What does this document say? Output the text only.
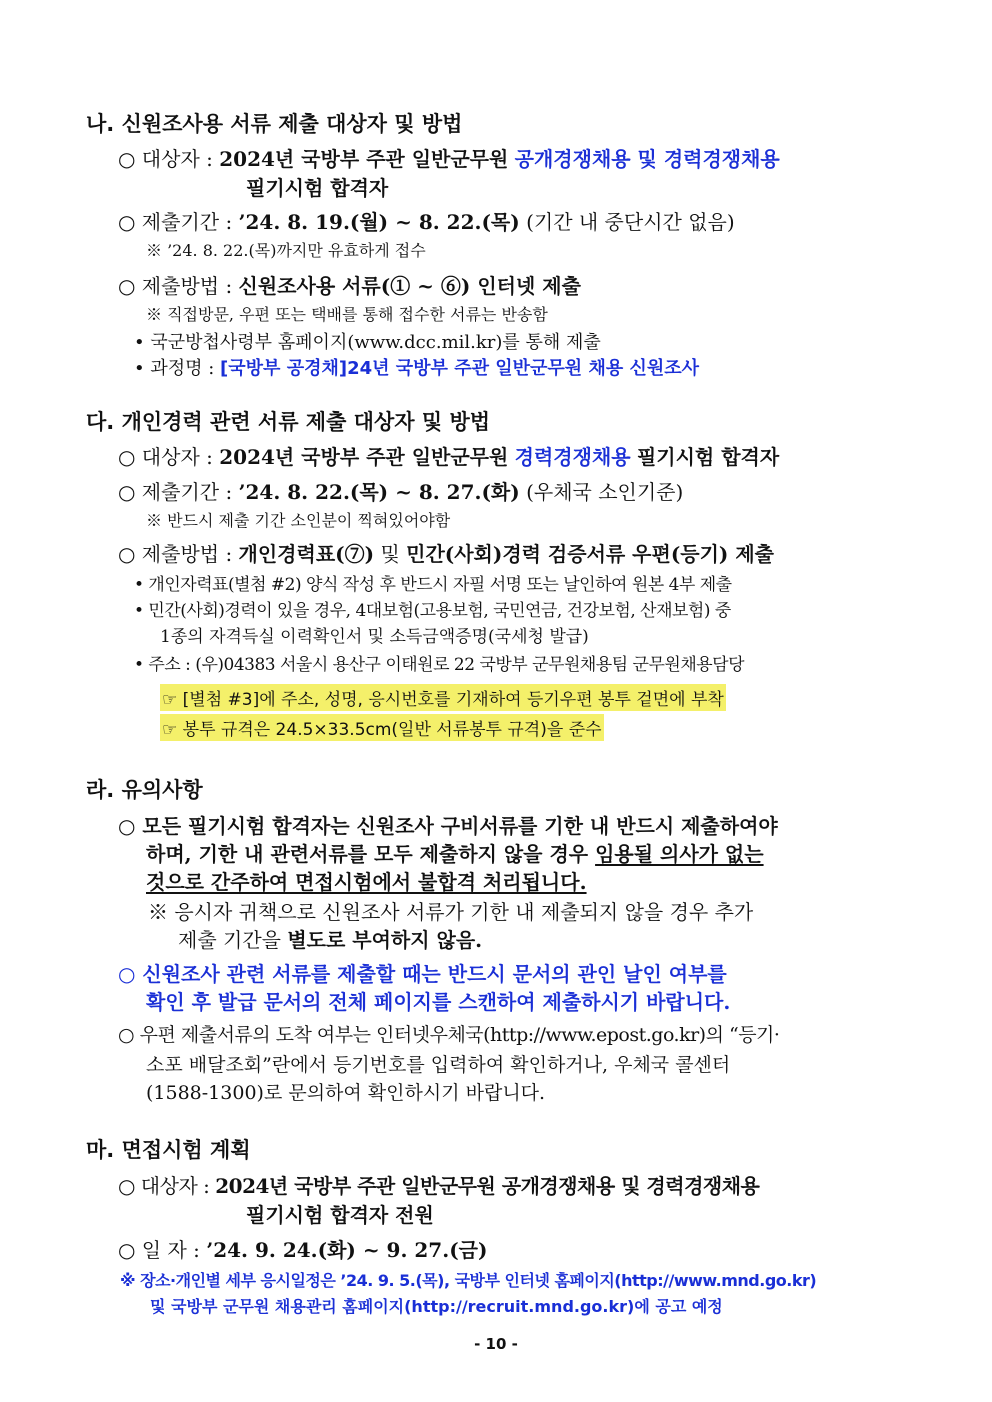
나. 신원조사용 서류 제출 대상자 및 방법
○ 대상자 : 2024년 국방부 주관 일반군무원 공개경쟁채용 및 경력경쟁채용
필기시험 합격자
○ 제출기간 : ’24. 8. 19.(월) ~ 8. 22.(목) (기간 내 중단시간 없음)
※ ’24. 8. 22.(목)까지만 유효하게 접수
○ 제출방법 : 신원조사용 서류(① ~ ⑥) 인터넷 제출
※ 직접방문, 우편 또는 택배를 통해 접수한 서류는 반송함
• 국군방첩사령부 홈페이지(www.dcc.mil.kr)를 통해 제출
• 과정명 : [국방부 공경채]24년 국방부 주관 일반군무원 채용 신원조사
다. 개인경력 관련 서류 제출 대상자 및 방법
○ 대상자 : 2024년 국방부 주관 일반군무원 경력경쟁채용 필기시험 합격자
○ 제출기간 : ’24. 8. 22.(목) ~ 8. 27.(화) (우체국 소인기준)
※ 반드시 제출 기간 소인분이 찍혀있어야함
○ 제출방법 : 개인경력표(⑦) 및 민간(사회)경력 검증서류 우편(등기) 제출
• 개인자력표(별첨 #2) 양식 작성 후 반드시 자필 서명 또는 날인하여 원본 4부 제출
• 민간(사회)경력이 있을 경우, 4대보험(고용보험, 국민연금, 건강보험, 산재보험) 중
1종의 자격득실 이력확인서 및 소득금액증명(국세청 발급)
• 주소 : (우)04383 서울시 용산구 이태원로 22 국방부 군무원채용팀 군무원채용담당
☞ [별첨 #3]에 주소, 성명, 응시번호를 기재하여 등기우편 봉투 겉면에 부착
☞ 봉투 규격은 24.5×33.5cm(일반 서류봉투 규격)을 준수
라. 유의사항
○ 모든 필기시험 합격자는 신원조사 구비서류를 기한 내 반드시 제출하여야
하며, 기한 내 관련서류를 모두 제출하지 않을 경우 임용될 의사가 없는
것으로 간주하여 면접시험에서 불합격 처리됩니다.
※ 응시자 귀책으로 신원조사 서류가 기한 내 제출되지 않을 경우 추가
제출 기간을 별도로 부여하지 않음.
○ 신원조사 관련 서류를 제출할 때는 반드시 문서의 관인 날인 여부를
확인 후 발급 문서의 전체 페이지를 스캔하여 제출하시기 바랍니다.
○ 우편 제출서류의 도착 여부는 인터넷우체국(http://www.epost.go.kr)의 “등기·
소포 배달조회”란에서 등기번호를 입력하여 확인하거나, 우체국 콜센터
(1588-1300)로 문의하여 확인하시기 바랍니다.
마. 면접시험 계획
○ 대상자 : 2024년 국방부 주관 일반군무원 공개경쟁채용 및 경력경쟁채용
필기시험 합격자 전원
○ 일 자 : ’24. 9. 24.(화) ~ 9. 27.(금)
※ 장소·개인별 세부 응시일정은 ’24. 9. 5.(목), 국방부 인터넷 홈페이지(http://www.mnd.go.kr)
및 국방부 군무원 채용관리 홈페이지(http://recruit.mnd.go.kr)에 공고 예정
- 10 -
